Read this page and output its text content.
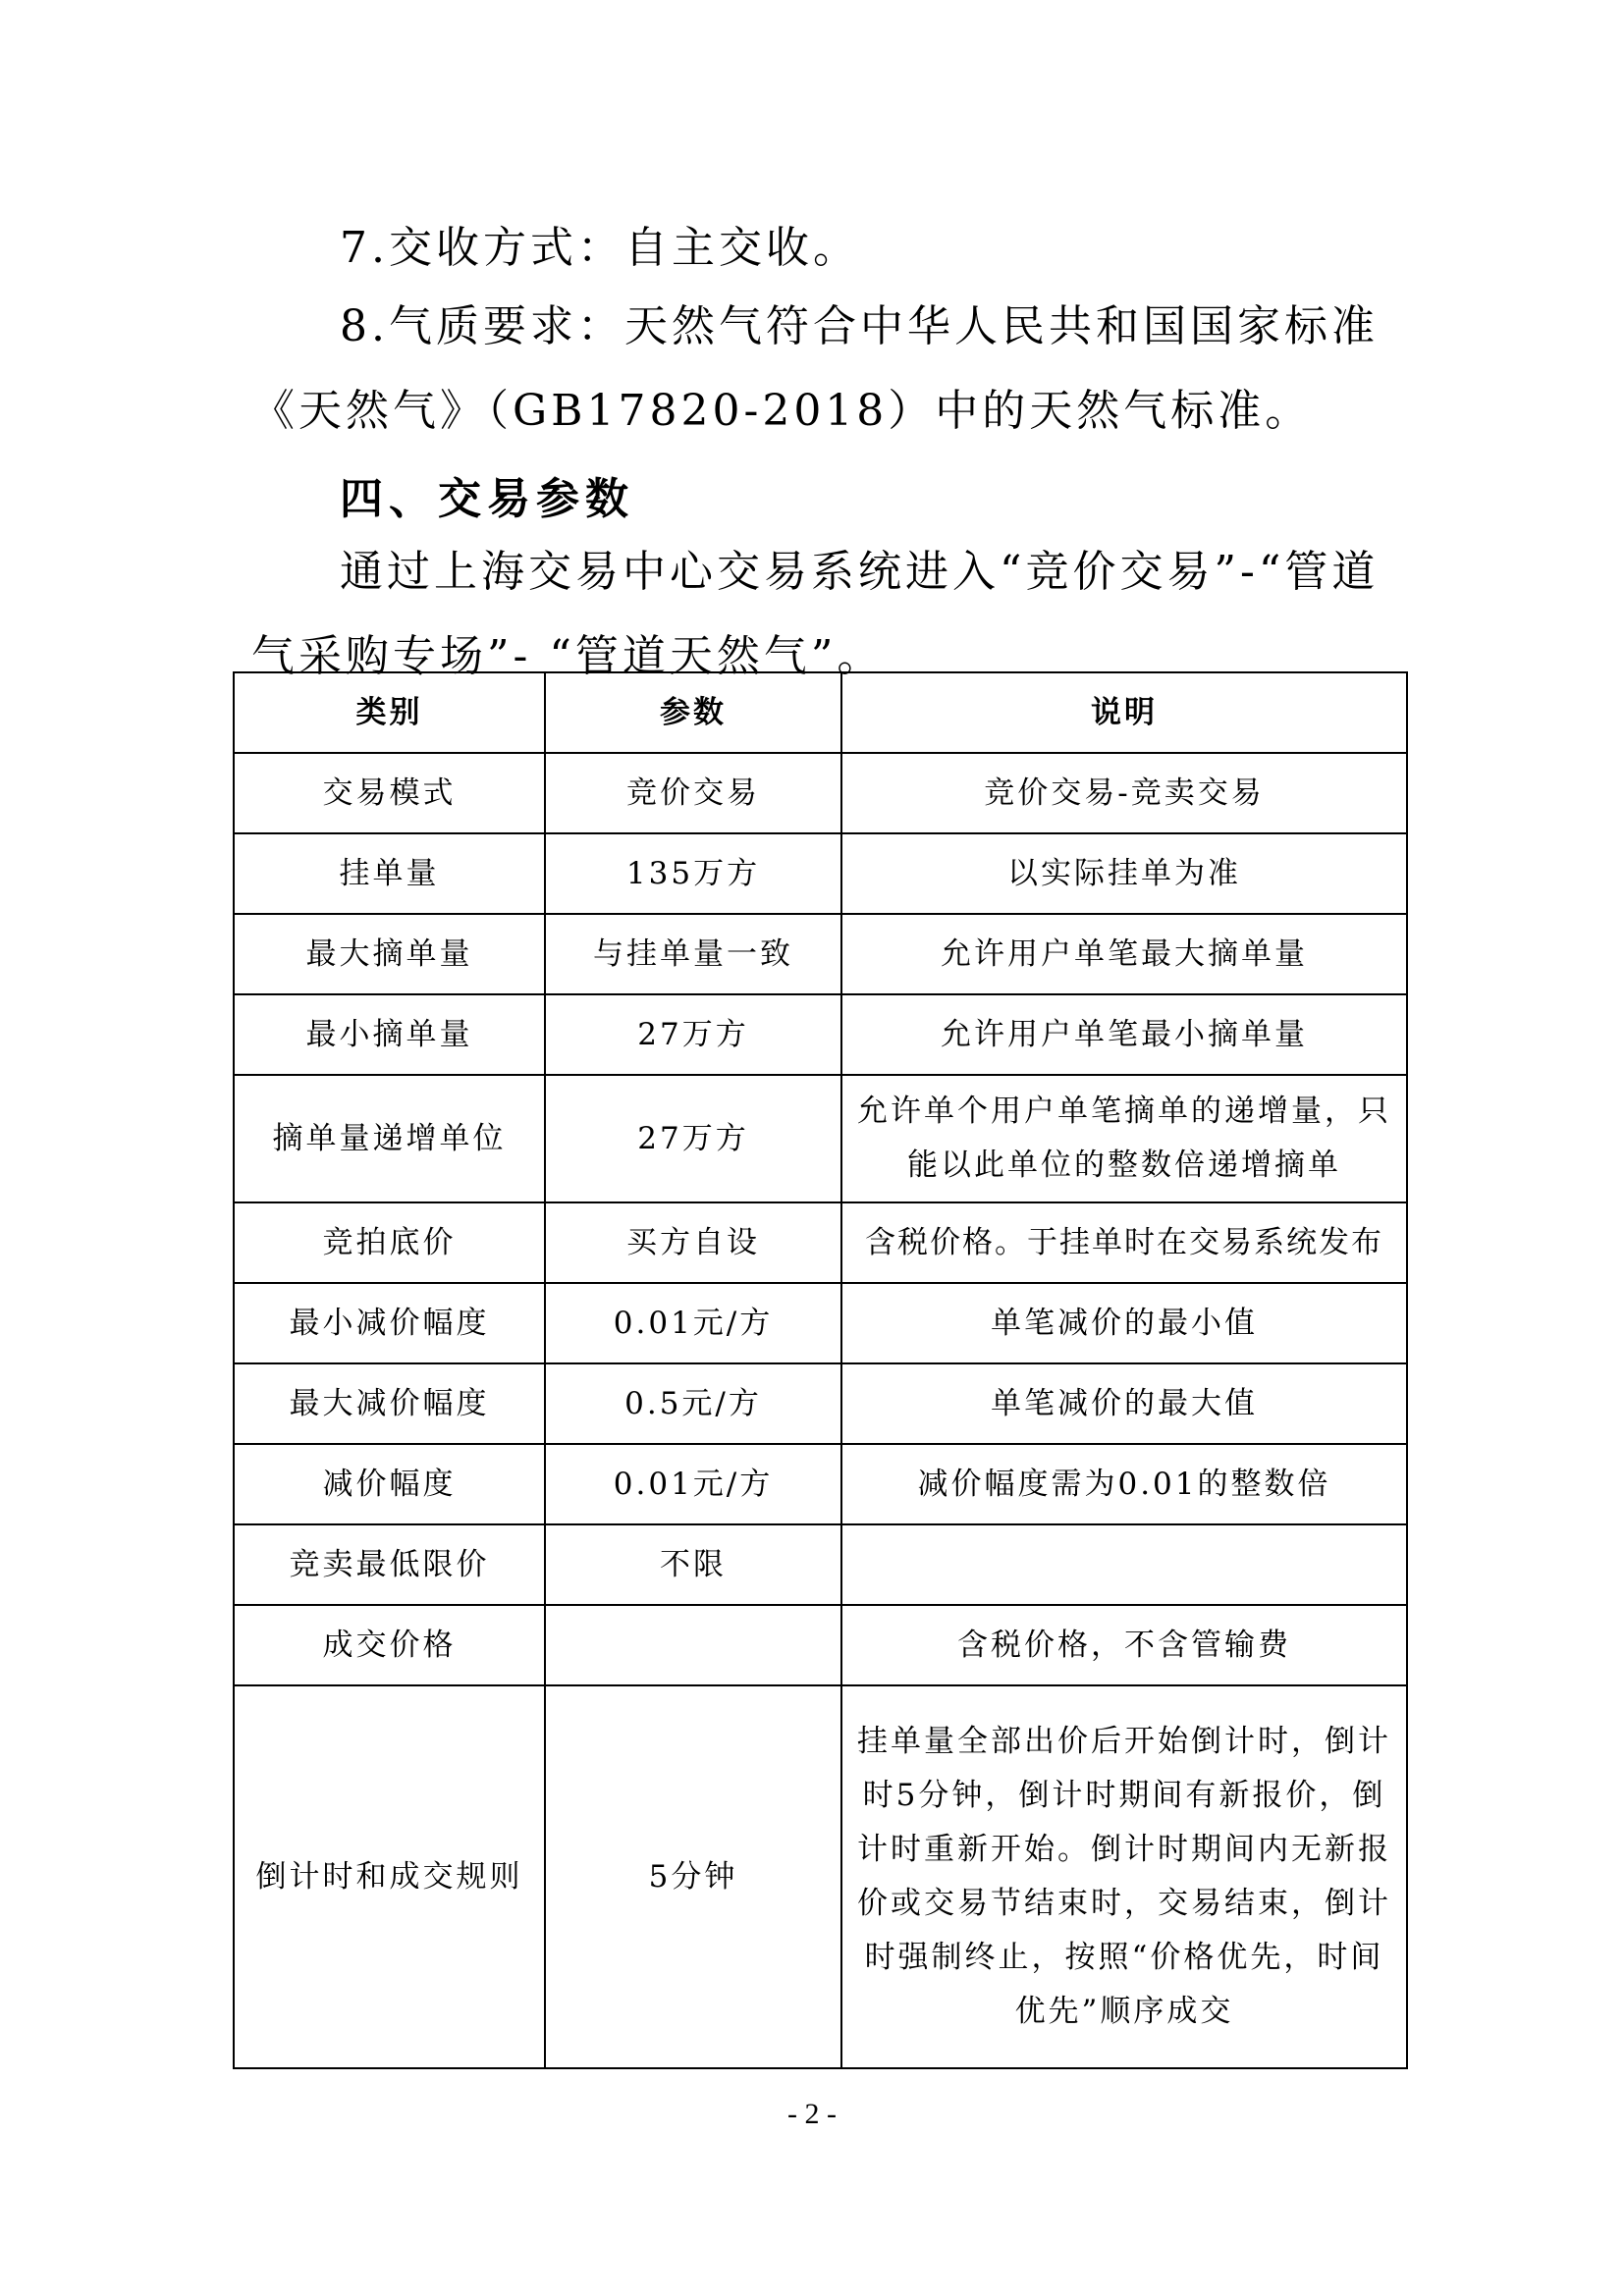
7.交收方式：自主交收。
8.气质要求：天然气符合中华人民共和国国家标准《天然气》（GB17820-2018）中的天然气标准。
四、交易参数
通过上海交易中心交易系统进入“竞价交易”-“管道气采购专场”- “管道天然气”。
类别	参数	说明
交易模式	竞价交易	竞价交易-竞卖交易
挂单量	135万方	以实际挂单为准
最大摘单量	与挂单量一致	允许用户单笔最大摘单量
最小摘单量	27万方	允许用户单笔最小摘单量
摘单量递增单位	27万方	允许单个用户单笔摘单的递增量，只能以此单位的整数倍递增摘单
竞拍底价	买方自设	含税价格。于挂单时在交易系统发布
最小减价幅度	0.01元/方	单笔减价的最小值
最大减价幅度	0.5元/方	单笔减价的最大值
减价幅度	0.01元/方	减价幅度需为0.01的整数倍
竞卖最低限价	不限	
成交价格		含税价格，不含管输费
倒计时和成交规则	5分钟	挂单量全部出价后开始倒计时，倒计时5分钟，倒计时期间有新报价，倒计时重新开始。倒计时期间内无新报价或交易节结束时，交易结束，倒计时强制终止，按照“价格优先，时间优先”顺序成交
- 2 -
